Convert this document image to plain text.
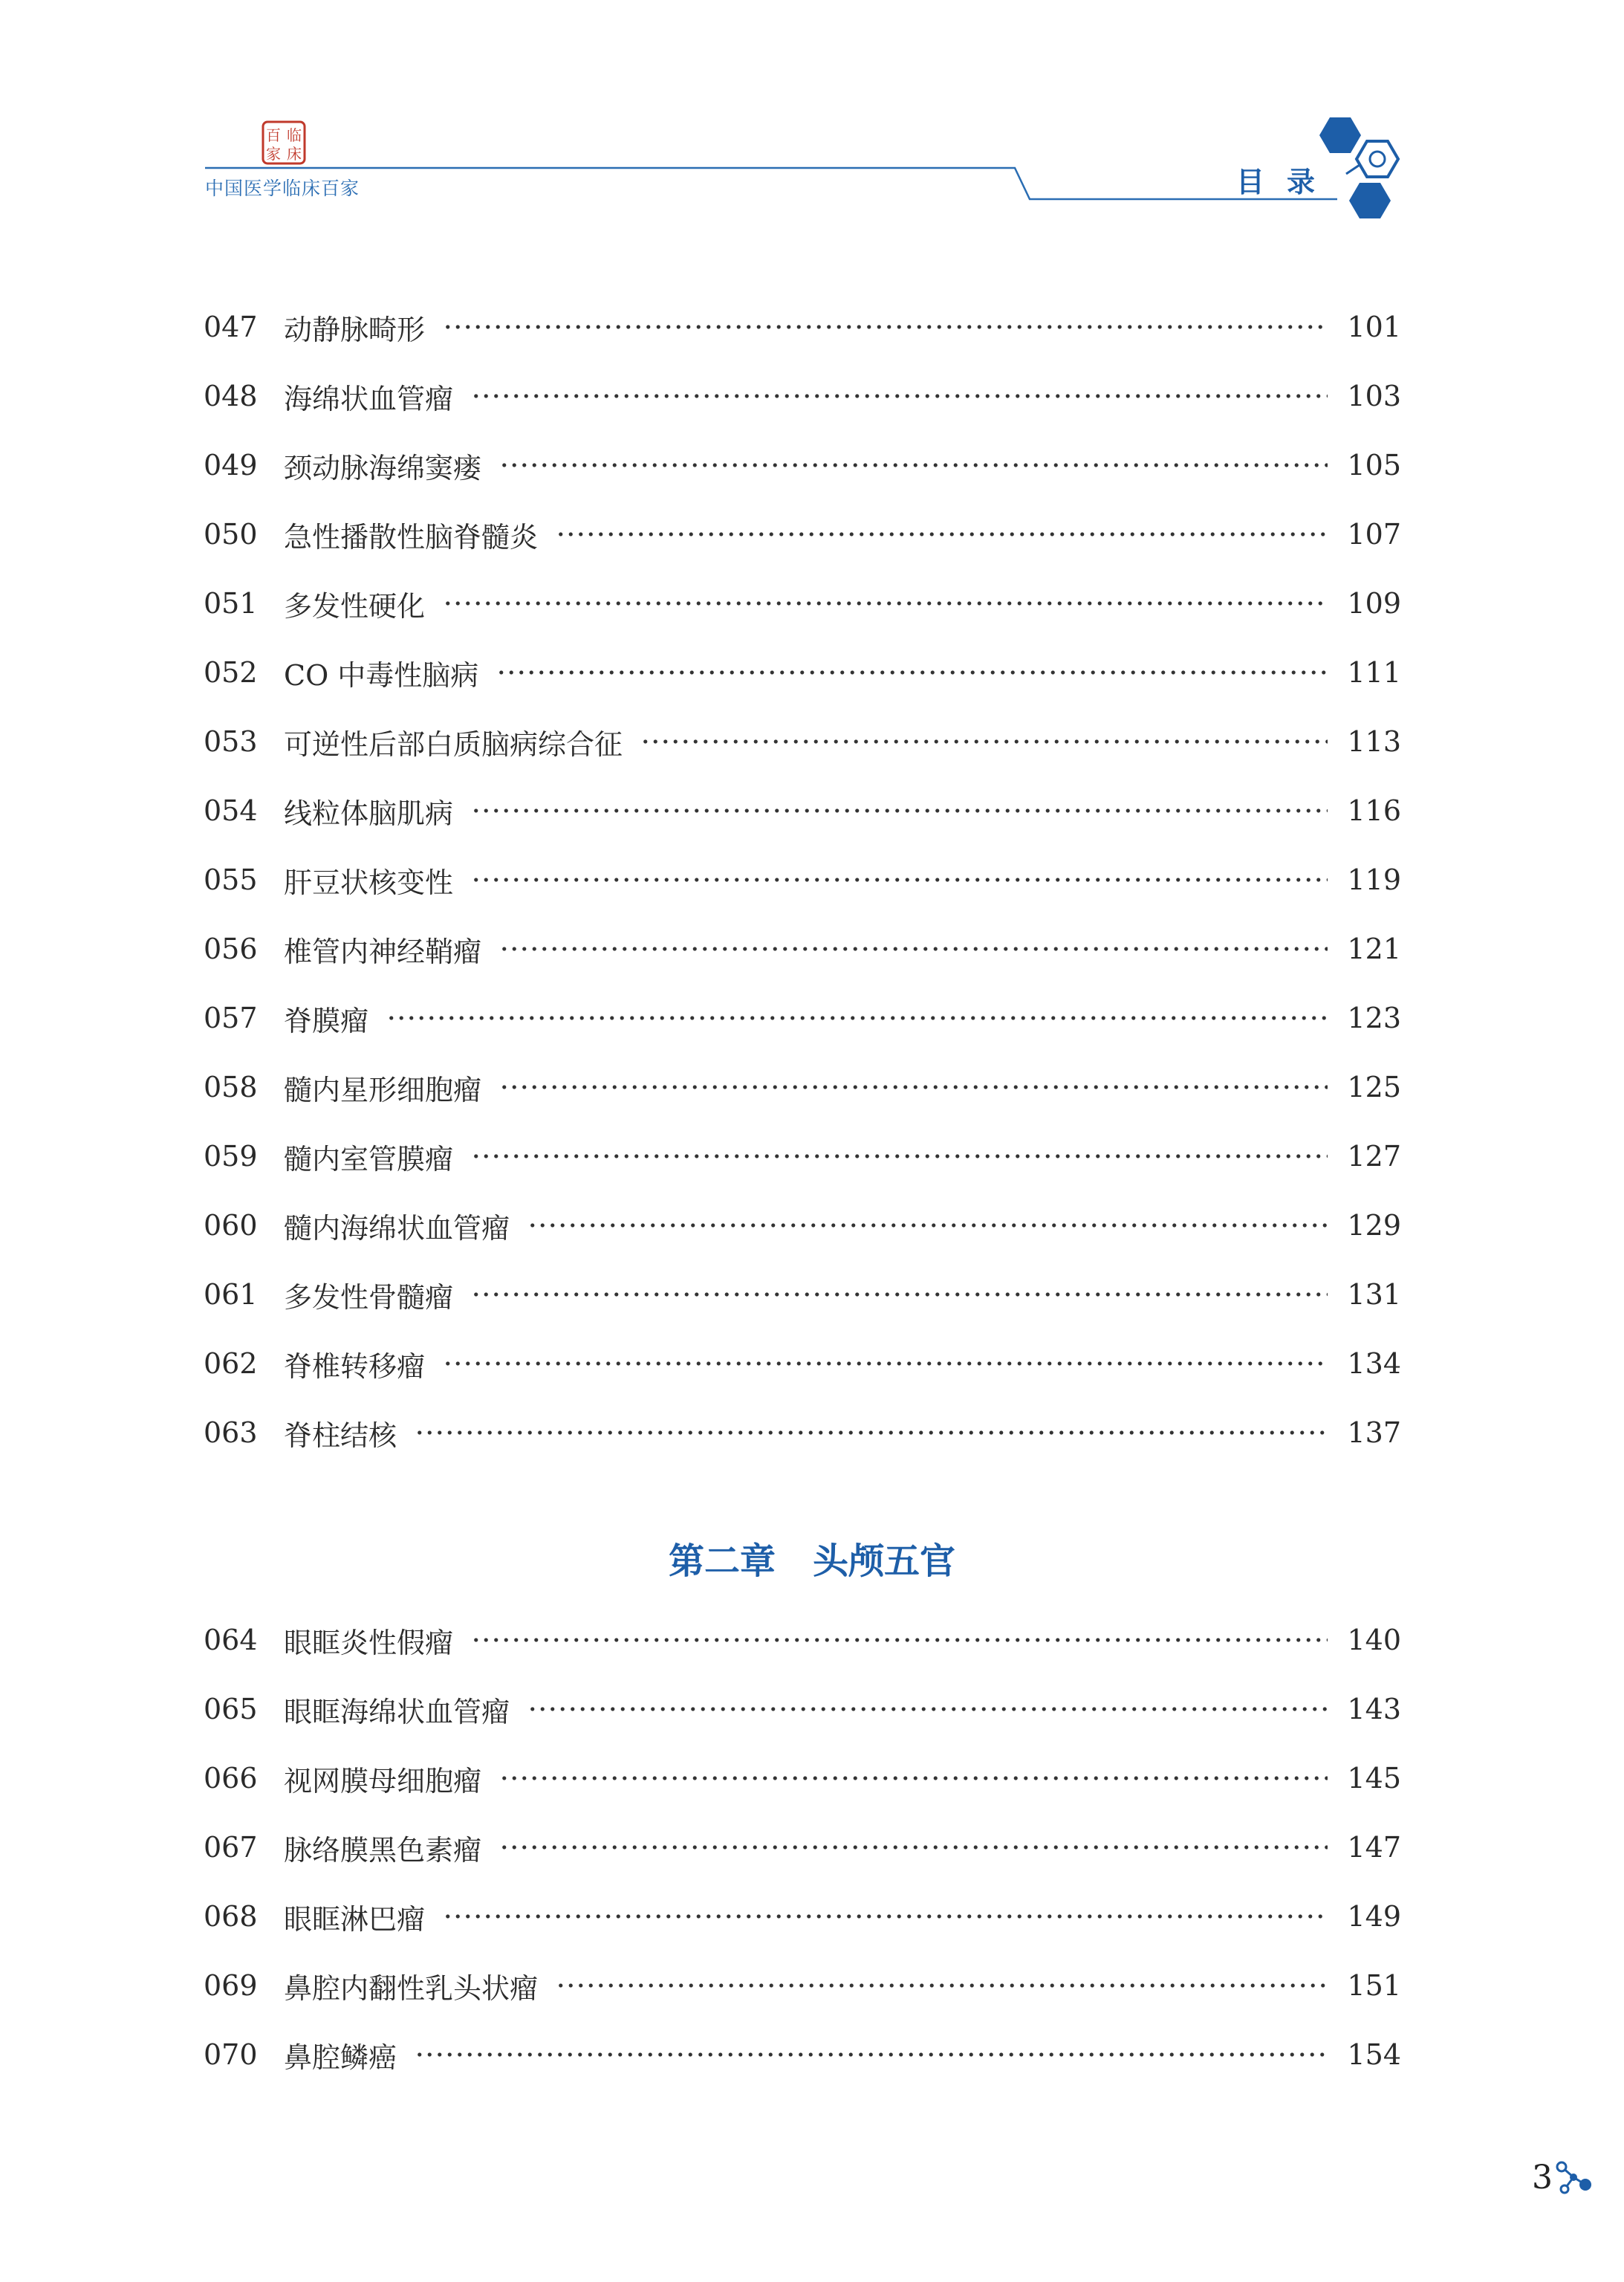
百 临
家 床
中国医学临床百家	目录
047 动静脉畸形	101
048 海绵状血管瘤	103
049 颈动脉海绵窦瘘	105
050 急性播散性脑脊髓炎	107
051 多发性硬化	109
052 CO 中毒性脑病	111
053 可逆性后部白质脑病综合征	113
054 线粒体脑肌病	116
055 肝豆状核变性	119
056 椎管内神经鞘瘤	121
057 脊膜瘤	123
058 髓内星形细胞瘤	125
059 髓内室管膜瘤	127
060 髓内海绵状血管瘤	129
061 多发性骨髓瘤	131
062 脊椎转移瘤	134
063 脊柱结核	137
第二章 头颅五官
064 眼眶炎性假瘤	140
065 眼眶海绵状血管瘤	143
066 视网膜母细胞瘤	145
067 脉络膜黑色素瘤	147
068 眼眶淋巴瘤	149
069 鼻腔内翻性乳头状瘤	151
070 鼻腔鳞癌	154
3
